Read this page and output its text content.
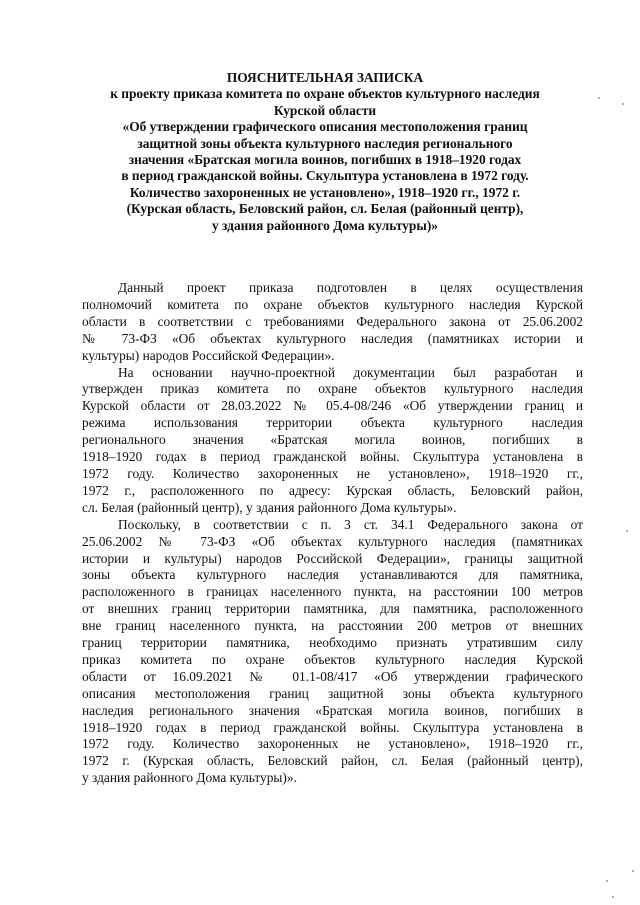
ПОЯСНИТЕЛЬНАЯ ЗАПИСКА
к проекту приказа комитета по охране объектов культурного наследия
Курской области
«Об утверждении графического описания местоположения границ
защитной зоны объекта культурного наследия регионального
значения «Братская могила воинов, погибших в 1918–1920 годах
в период гражданской войны. Скульптура установлена в 1972 году.
Количество захороненных не установлено», 1918–1920 гг., 1972 г.
(Курская область, Беловский район, сл. Белая (районный центр),
у здания районного Дома культуры)»
Данный проект приказа подготовлен в целях осуществления
полномочий комитета по охране объектов культурного наследия Курской
области в соответствии с требованиями Федерального закона от 25.06.2002
№ 73-ФЗ «Об объектах культурного наследия (памятниках истории и
культуры) народов Российской Федерации».
На основании научно-проектной документации был разработан и
утвержден приказ комитета по охране объектов культурного наследия
Курской области от 28.03.2022 № 05.4-08/246 «Об утверждении границ и
режима использования территории объекта культурного наследия
регионального значения «Братская могила воинов, погибших в
1918–1920 годах в период гражданской войны. Скульптура установлена в
1972 году. Количество захороненных не установлено», 1918–1920 гг.,
1972 г., расположенного по адресу: Курская область, Беловский район,
сл. Белая (районный центр), у здания районного Дома культуры».
Поскольку, в соответствии с п. 3 ст. 34.1 Федерального закона от
25.06.2002 № 73-ФЗ «Об объектах культурного наследия (памятниках
истории и культуры) народов Российской Федерации», границы защитной
зоны объекта культурного наследия устанавливаются для памятника,
расположенного в границах населенного пункта, на расстоянии 100 метров
от внешних границ территории памятника, для памятника, расположенного
вне границ населенного пункта, на расстоянии 200 метров от внешних
границ территории памятника, необходимо признать утратившим силу
приказ комитета по охране объектов культурного наследия Курской
области от 16.09.2021 № 01.1-08/417 «Об утверждении графического
описания местоположения границ защитной зоны объекта культурного
наследия регионального значения «Братская могила воинов, погибших в
1918–1920 годах в период гражданской войны. Скульптура установлена в
1972 году. Количество захороненных не установлено», 1918–1920 гг.,
1972 г. (Курская область, Беловский район, сл. Белая (районный центр),
у здания районного Дома культуры)».
